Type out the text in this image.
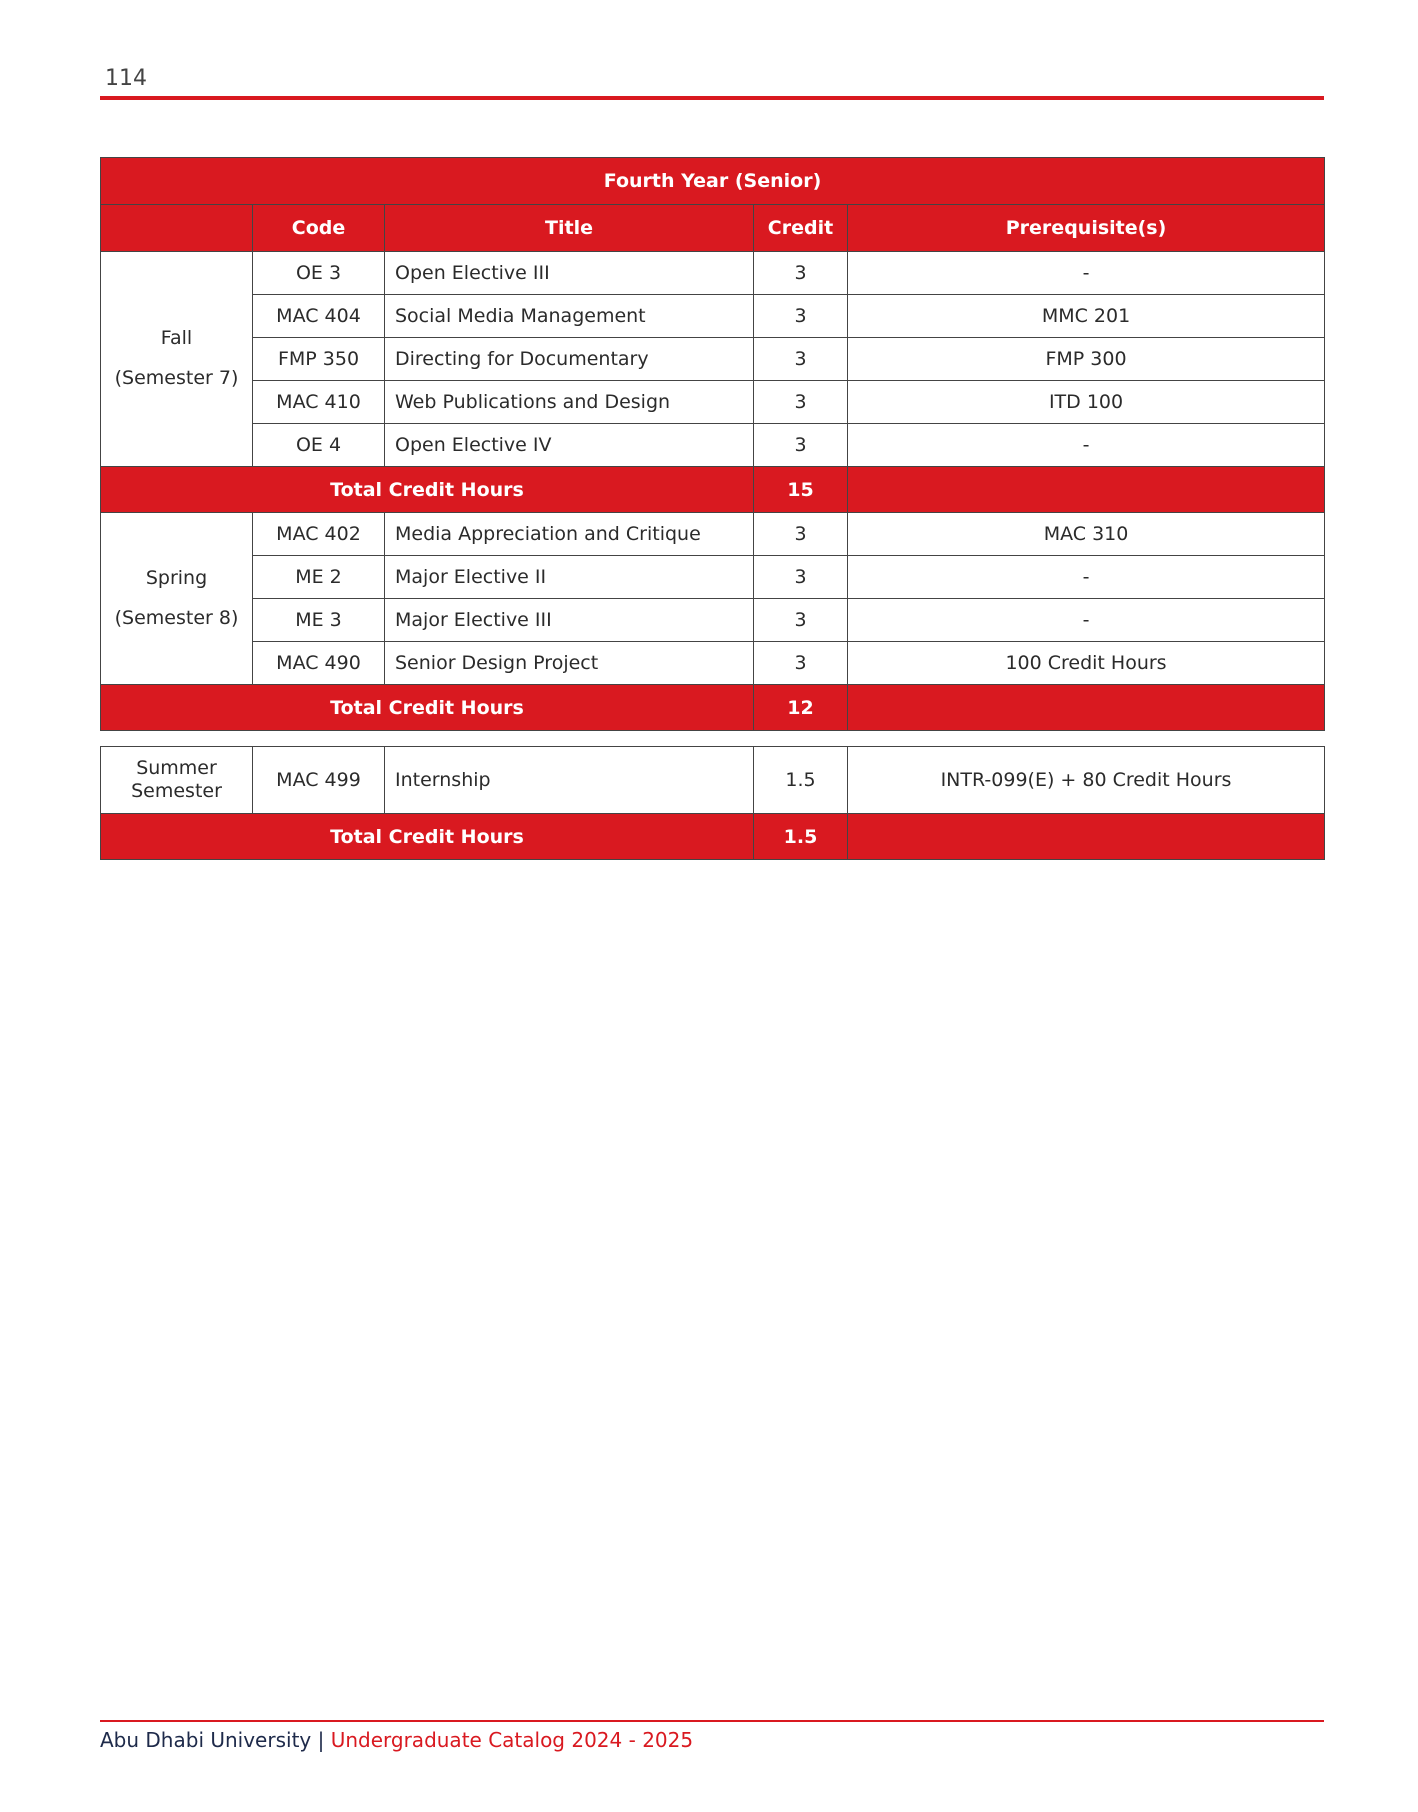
114
Fourth Year (Senior)				
	Code	Title	Credit	Prerequisite(s)
Fall
(Semester 7)	OE 3	Open Elective III	3	-
	MAC 404	Social Media Management	3	MMC 201
	FMP 350	Directing for Documentary	3	FMP 300
	MAC 410	Web Publications and Design	3	ITD 100
	OE 4	Open Elective IV	3	-
Total Credit Hours			15	
Spring
(Semester 8)	MAC 402	Media Appreciation and Critique	3	MAC 310
	ME 2	Major Elective II	3	-
	ME 3	Major Elective III	3	-
	MAC 490	Senior Design Project	3	100 Credit Hours
Total Credit Hours			12	
Summer
Semester	MAC 499	Internship	1.5	INTR-099(E) + 80 Credit Hours
Total Credit Hours			1.5	
Abu Dhabi University | Undergraduate Catalog 2024 - 2025
